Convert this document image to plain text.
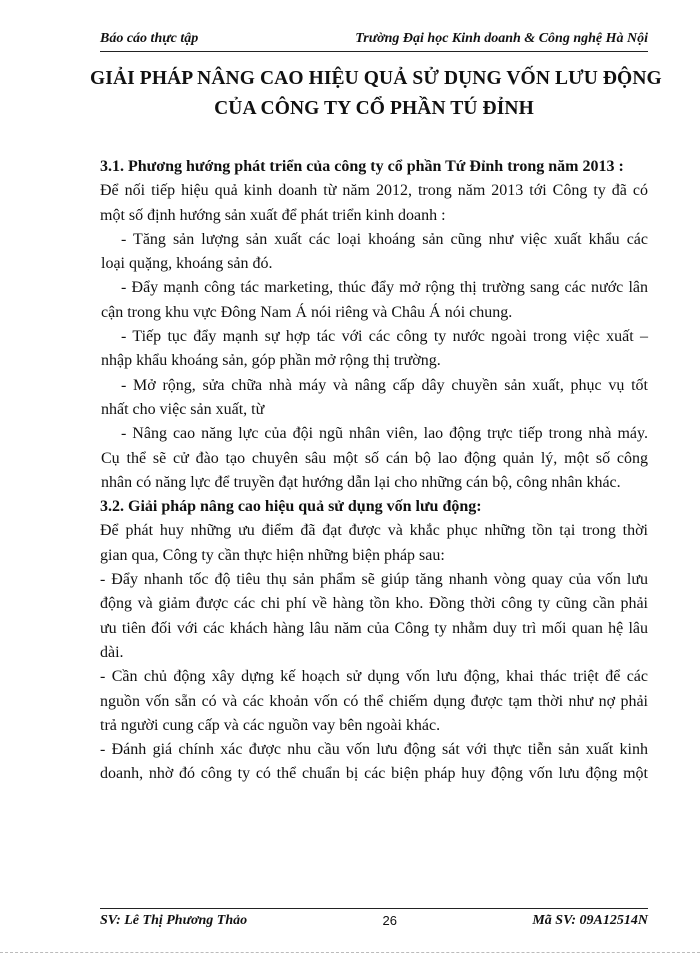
Báo cáo thực tập	Trường Đại học Kinh doanh & Công nghệ Hà Nội
GIẢI PHÁP NÂNG CAO HIỆU QUẢ SỬ DỤNG VỐN LƯU ĐỘNG
CỦA CÔNG TY CỔ PHẦN TÚ ĐỈNH
3.1. Phương hướng phát triển của công ty cổ phần Tứ Đỉnh trong năm 2013 :
Để nối tiếp hiệu quả kinh doanh từ năm 2012, trong năm 2013 tới Công ty đã có
một số định hướng sản xuất để phát triển kinh doanh :
- Tăng sản lượng sản xuất các loại khoáng sản cũng như việc xuất khẩu các
loại quặng, khoáng sản đó.
- Đẩy mạnh công tác marketing, thúc đẩy mở rộng thị trường sang các nước lân
cận trong khu vực Đông Nam Á nói riêng và Châu Á nói chung.
- Tiếp tục đẩy mạnh sự hợp tác với các công ty nước ngoài trong việc xuất –
nhập khẩu khoáng sản, góp phần mở rộng thị trường.
- Mở rộng, sửa chữa nhà máy và nâng cấp dây chuyền sản xuất, phục vụ tốt
nhất cho việc sản xuất, từ
- Nâng cao năng lực của đội ngũ nhân viên, lao động trực tiếp trong nhà máy.
Cụ thể sẽ cử đào tạo chuyên sâu một số cán bộ lao động quản lý, một số công
nhân có năng lực để truyền đạt hướng dẫn lại cho những cán bộ, công nhân khác.
3.2. Giải pháp nâng cao hiệu quả sử dụng vốn lưu động:
Để phát huy những ưu điểm đã đạt được và khắc phục những tồn tại trong thời
gian qua, Công ty cần thực hiện những biện pháp sau:
- Đẩy nhanh tốc độ tiêu thụ sản phẩm sẽ giúp tăng nhanh vòng quay của vốn lưu
động và giảm được các chi phí về hàng tồn kho. Đồng thời công ty cũng cần phải
ưu tiên đối với các khách hàng lâu năm của Công ty nhằm duy trì mối quan hệ lâu
dài.
- Cần chủ động xây dựng kế hoạch sử dụng vốn lưu động, khai thác triệt để các
nguồn vốn sẵn có và các khoản vốn có thể chiếm dụng được tạm thời như nợ phải
trả người cung cấp và các nguồn vay bên ngoài khác.
- Đánh giá chính xác được nhu cầu vốn lưu động sát với thực tiễn sản xuất kinh
doanh, nhờ đó công ty có thể chuẩn bị các biện pháp huy động vốn lưu động một
SV: Lê Thị Phương Thảo	26	Mã SV: 09A12514N
